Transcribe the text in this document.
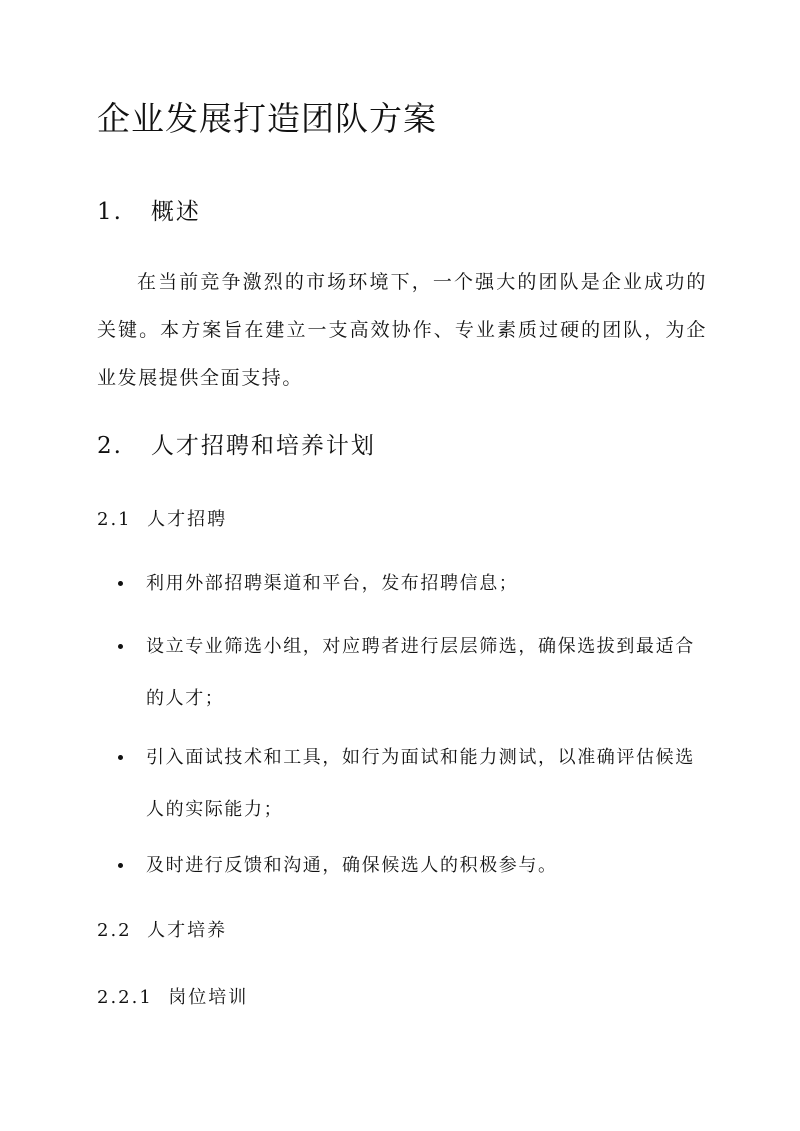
企业发展打造团队方案
1. 概述
在当前竞争激烈的市场环境下，一个强大的团队是企业成功的关键。本方案旨在建立一支高效协作、专业素质过硬的团队，为企业发展提供全面支持。
2. 人才招聘和培养计划
2.1 人才招聘
利用外部招聘渠道和平台，发布招聘信息；
设立专业筛选小组，对应聘者进行层层筛选，确保选拔到最适合的人才；
引入面试技术和工具，如行为面试和能力测试，以准确评估候选人的实际能力；
及时进行反馈和沟通，确保候选人的积极参与。
2.2 人才培养
2.2.1 岗位培训
